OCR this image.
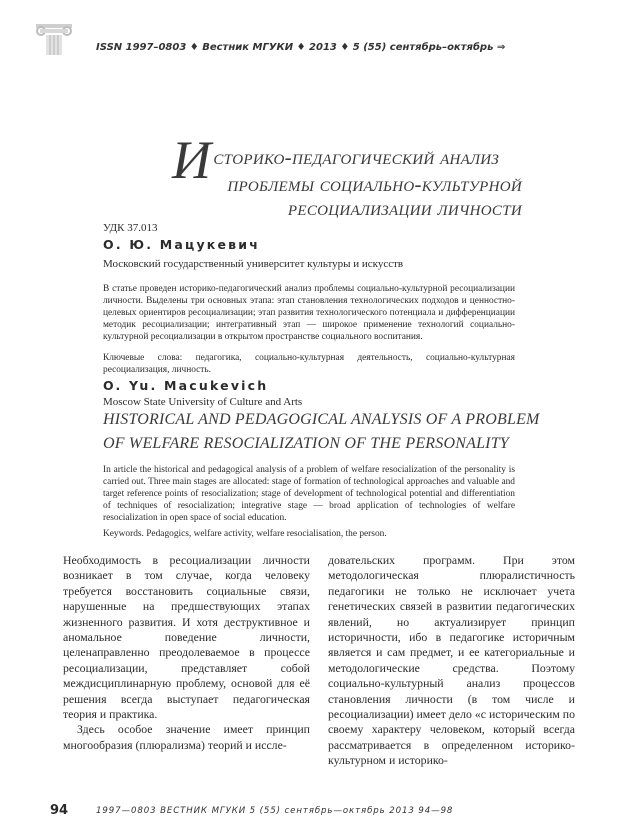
ISSN 1997–0803 ♦ Вестник МГУКИ ♦ 2013 ♦ 5 (55) сентябрь–октябрь ⇒
Историко-педагогический анализ
проблемы социально-культурной
ресоциализации личности
УДК 37.013
О. Ю. Мацукевич
Московский государственный университет культуры и искусств
В статье проведен историко-педагогический анализ проблемы социально-культурной ресоциализации личности. Выделены три основных этапа: этап становления технологических подходов и ценностно-целевых ориентиров ресоциализации; этап развития технологического потенциала и дифференциации методик ресоциализации; интегративный этап — широкое применение технологий социально-культурной ресоциализации в открытом пространстве социального воспитания.
Ключевые слова: педагогика, социально-культурная деятельность, социально-культурная ресоциализация, личность.
O. Yu. Macukevich
Moscow State University of Culture and Arts
HISTORICAL AND PEDAGOGICAL ANALYSIS OF A PROBLEM
OF WELFARE RESOCIALIZATION OF THE PERSONALITY
In article the historical and pedagogical analysis of a problem of welfare resocialization of the personality is carried out. Three main stages are allocated: stage of formation of technological approaches and valuable and target reference points of resocialization; stage of development of technological potential and differentiation of techniques of resocialization; integrative stage — broad application of technologies of welfare resocialization in open space of social education.
Keywords. Pedagogics, welfare activity, welfare resocialisation, the person.

Необходимость в ресоциализации личности возникает в том случае, когда человеку требуется восстановить социальные связи, нарушенные на предшествующих этапах жизненного развития. И хотя деструктивное и аномальное поведение личности, целенаправленно преодолеваемое в процессе ресоциализации, представляет собой междисциплинарную проблему, основой для её решения всегда выступает педагогическая теория и практика.

Здесь особое значение имеет принцип многообразия (плюрализма) теорий и иссле-

довательских программ. При этом методологическая плюралистичность педагогики не только не исключает учета генетических связей в развитии педагогических явлений, но актуализирует принцип историчности, ибо в педагогике историчным является и сам предмет, и ее категориальные и методологические средства. Поэтому социально-культурный анализ процессов становления личности (в том числе и ресоциализации) имеет дело «с историческим по своему характеру человеком, который всегда рассматривается в определенном историко-культурном и историко-

94	1997—0803 ВЕСТНИК МГУКИ 5 (55) сентябрь—октябрь 2013 94—98
